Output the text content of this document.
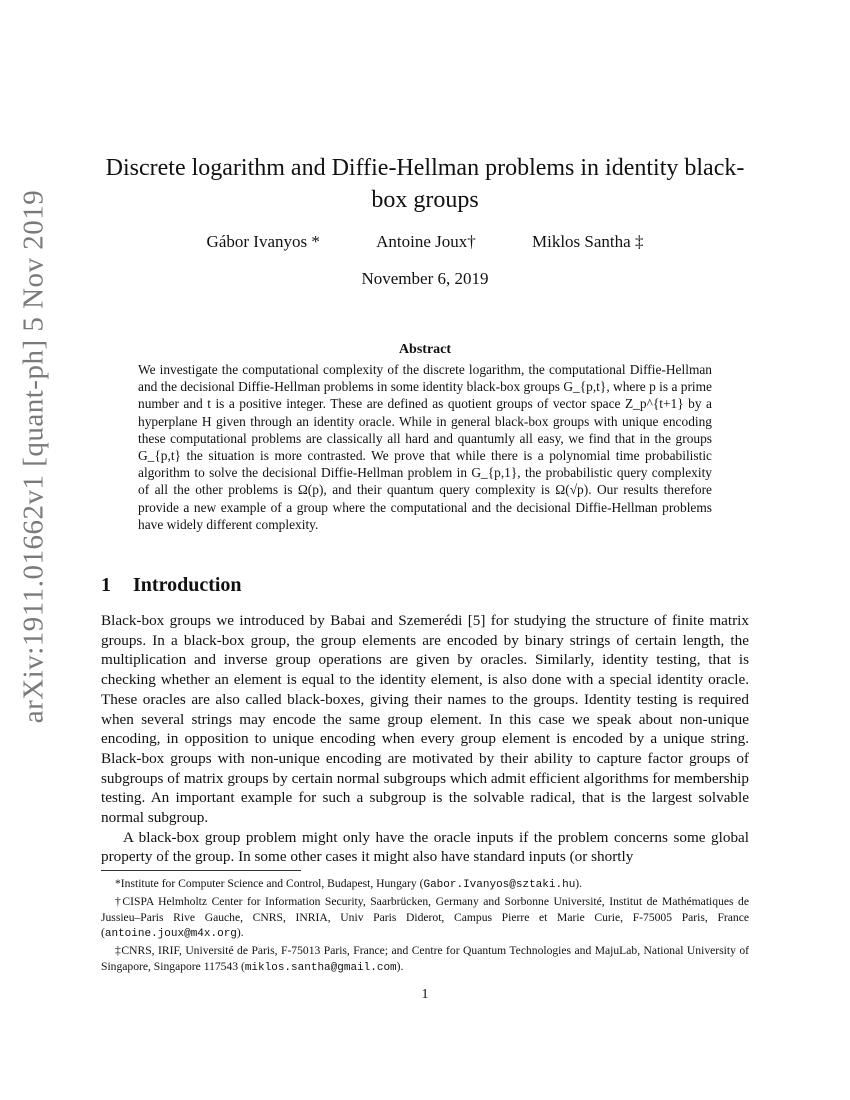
arXiv:1911.01662v1 [quant-ph] 5 Nov 2019
Discrete logarithm and Diffie-Hellman problems in identity black-box groups
Gábor Ivanyos *	Antoine Joux†	Miklos Santha ‡
November 6, 2019
Abstract
We investigate the computational complexity of the discrete logarithm, the computational Diffie-Hellman and the decisional Diffie-Hellman problems in some identity black-box groups G_{p,t}, where p is a prime number and t is a positive integer. These are defined as quotient groups of vector space Z_p^{t+1} by a hyperplane H given through an identity oracle. While in general black-box groups with unique encoding these computational problems are classically all hard and quantumly all easy, we find that in the groups G_{p,t} the situation is more contrasted. We prove that while there is a polynomial time probabilistic algorithm to solve the decisional Diffie-Hellman problem in G_{p,1}, the probabilistic query complexity of all the other problems is Ω(p), and their quantum query complexity is Ω(√p). Our results therefore provide a new example of a group where the computational and the decisional Diffie-Hellman problems have widely different complexity.
1 Introduction

Black-box groups we introduced by Babai and Szemerédi [5] for studying the structure of finite matrix groups. In a black-box group, the group elements are encoded by binary strings of certain length, the multiplication and inverse group operations are given by oracles. Similarly, identity testing, that is checking whether an element is equal to the identity element, is also done with a special identity oracle. These oracles are also called black-boxes, giving their names to the groups. Identity testing is required when several strings may encode the same group element. In this case we speak about non-unique encoding, in opposition to unique encoding when every group element is encoded by a unique string. Black-box groups with non-unique encoding are motivated by their ability to capture factor groups of subgroups of matrix groups by certain normal subgroups which admit efficient algorithms for membership testing. An important example for such a subgroup is the solvable radical, that is the largest solvable normal subgroup.

A black-box group problem might only have the oracle inputs if the problem concerns some global property of the group. In some other cases it might also have standard inputs (or shortly

*Institute for Computer Science and Control, Budapest, Hungary (Gabor.Ivanyos@sztaki.hu).

†CISPA Helmholtz Center for Information Security, Saarbrücken, Germany and Sorbonne Université, Institut de Mathématiques de Jussieu–Paris Rive Gauche, CNRS, INRIA, Univ Paris Diderot, Campus Pierre et Marie Curie, F-75005 Paris, France (antoine.joux@m4x.org).

‡CNRS, IRIF, Université de Paris, F-75013 Paris, France; and Centre for Quantum Technologies and MajuLab, National University of Singapore, Singapore 117543 (miklos.santha@gmail.com).

1
